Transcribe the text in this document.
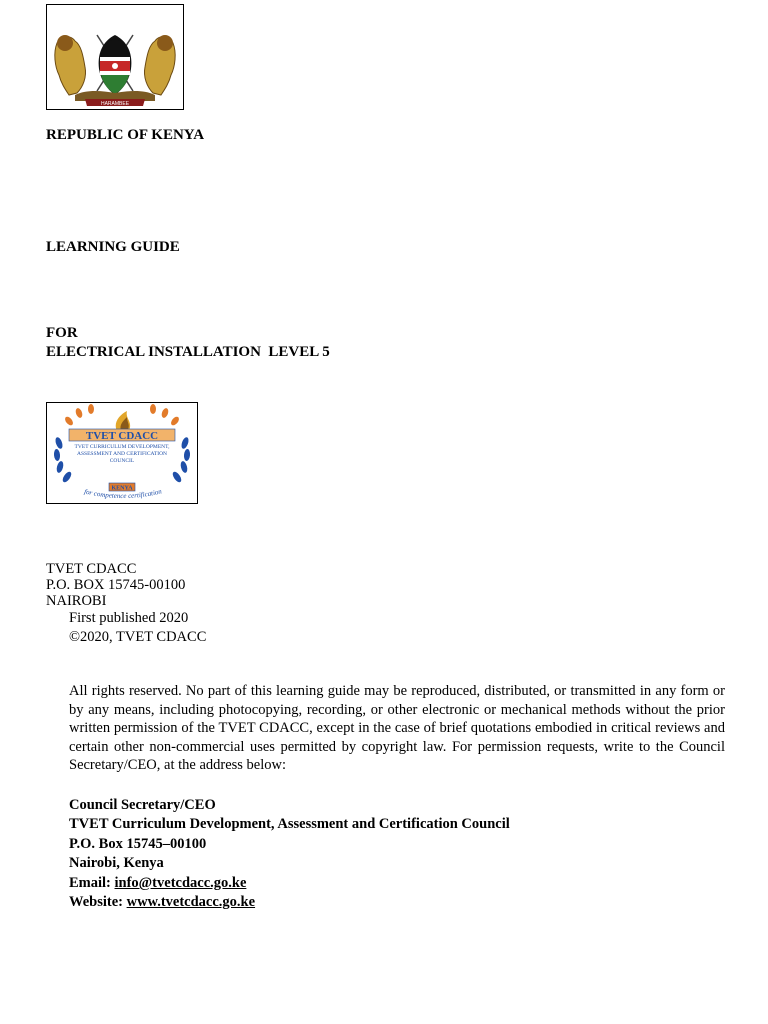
HARAMBEE
REPUBLIC OF KENYA
LEARNING GUIDE
FOR
ELECTRICAL INSTALLATION  LEVEL 5
TVET CDACC
TVET CURRICULUM DEVELOPMENT,
ASSESSMENT AND CERTIFICATION
COUNCIL
KENYA
for competence certification
TVET CDACC
P.O. BOX 15745-00100
NAIROBI
First published 2020
©2020, TVET CDACC
All rights reserved. No part of this learning guide may be reproduced, distributed, or transmitted in any form or by any means, including photocopying, recording, or other electronic or mechanical methods without the prior written permission of the TVET CDACC, except in the case of brief quotations embodied in critical reviews and certain other non-commercial uses permitted by copyright law. For permission requests, write to the Council Secretary/CEO, at the address below:
Council Secretary/CEO
TVET Curriculum Development, Assessment and Certification Council
P.O. Box 15745–00100
Nairobi, Kenya
Email: info@tvetcdacc.go.ke
Website: www.tvetcdacc.go.ke
